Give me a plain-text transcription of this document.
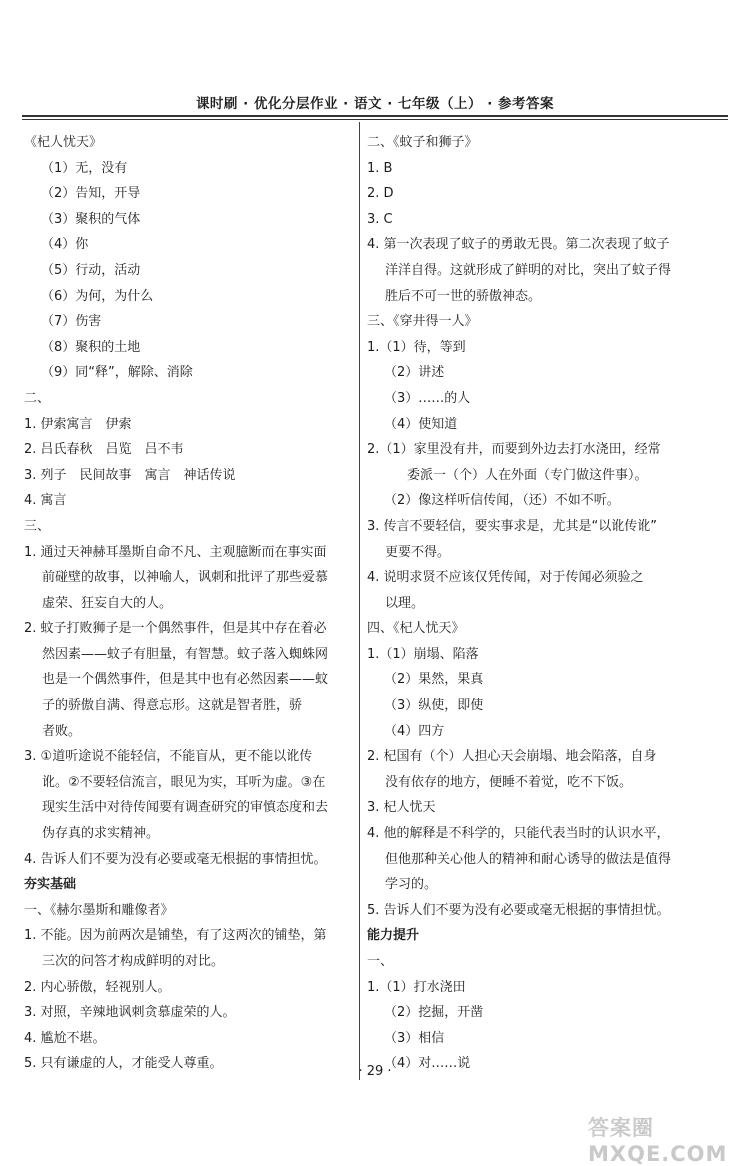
课时刷 · 优化分层作业 · 语文 · 七年级（上） · 参考答案
《杞人忧天》
（1）无，没有
（2）告知，开导
（3）聚积的气体
（4）你
（5）行动，活动
（6）为何，为什么
（7）伤害
（8）聚积的土地
（9）同“释”，解除、消除
二、
1. 伊索寓言　伊索
2. 吕氏春秋　吕览　吕不韦
3. 列子　民间故事　寓言　神话传说
4. 寓言
三、
1. 通过天神赫耳墨斯自命不凡、主观臆断而在事实面
前碰壁的故事，以神喻人，讽刺和批评了那些爱慕
虚荣、狂妄自大的人。
2. 蚊子打败狮子是一个偶然事件，但是其中存在着必
然因素——蚊子有胆量，有智慧。蚊子落入蜘蛛网
也是一个偶然事件，但是其中也有必然因素——蚊
子的骄傲自满、得意忘形。这就是智者胜，骄
者败。
3. ①道听途说不能轻信，不能盲从，更不能以讹传
讹。②不要轻信流言，眼见为实，耳听为虚。③在
现实生活中对待传闻要有调查研究的审慎态度和去
伪存真的求实精神。
4. 告诉人们不要为没有必要或毫无根据的事情担忧。
夯实基础
一、《赫尔墨斯和雕像者》
1. 不能。因为前两次是铺垫，有了这两次的铺垫，第
三次的问答才构成鲜明的对比。
2. 内心骄傲，轻视别人。
3. 对照，辛辣地讽刺贪慕虚荣的人。
4. 尴尬不堪。
5. 只有谦虚的人，才能受人尊重。
二、《蚊子和狮子》
1. B
2. D
3. C
4. 第一次表现了蚊子的勇敢无畏。第二次表现了蚊子
洋洋自得。这就形成了鲜明的对比，突出了蚊子得
胜后不可一世的骄傲神态。
三、《穿井得一人》
1.（1）待，等到
（2）讲述
（3）……的人
（4）使知道
2.（1）家里没有井，而要到外边去打水浇田，经常
委派一（个）人在外面（专门做这件事）。
（2）像这样听信传闻，（还）不如不听。
3. 传言不要轻信，要实事求是，尤其是“以讹传讹”
更要不得。
4. 说明求贤不应该仅凭传闻，对于传闻必须验之
以理。
四、《杞人忧天》
1.（1）崩塌、陷落
（2）果然，果真
（3）纵使，即使
（4）四方
2. 杞国有（个）人担心天会崩塌、地会陷落，自身
没有依存的地方，便睡不着觉，吃不下饭。
3. 杞人忧天
4. 他的解释是不科学的，只能代表当时的认识水平，
但他那种关心他人的精神和耐心诱导的做法是值得
学习的。
5. 告诉人们不要为没有必要或毫无根据的事情担忧。
能力提升
一、
1.（1）打水浇田
（2）挖掘，开凿
（3）相信
（4）对……说
· 29 ·
答案圈 MXQE.COM
